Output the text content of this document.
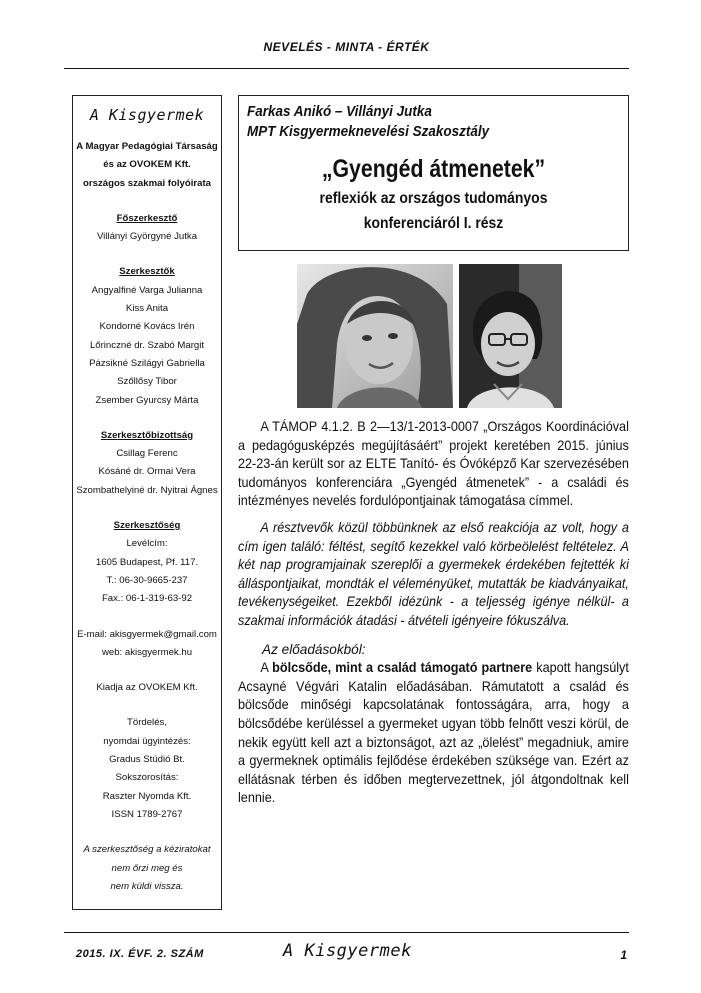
NEVELÉS - MINTA - ÉRTÉK
A Kisgyermek
A Magyar Pedagógiai Társaság
és az OVOKEM Kft.
országos szakmai folyóirata
Főszerkesztő
Villányi Györgyné Jutka
Szerkesztők
Angyalfiné Varga Julianna
Kiss Anita
Kondorné Kovács Irén
Lőrinczné dr. Szabó Margit
Pázsikné Szilágyi Gabriella
Szőllősy Tibor
Zsember Gyurcsy Márta
Szerkesztőbizottság
Csillag Ferenc
Kósáné dr. Ormai Vera
Szombathelyiné dr. Nyitrai Ágnes
Szerkesztőség
Levélcím:
1605 Budapest, Pf. 117.
T.: 06-30-9665-237
Fax.: 06-1-319-63-92
E-mail: akisgyermek@gmail.com
web: akisgyermek.hu
Kiadja az OVOKEM Kft.
Tördelés,
nyomdai ügyintézés:
Gradus Stúdió Bt.
Sokszorosítás:
Raszter Nyomda Kft.
ISSN 1789-2767
A szerkesztőség a kéziratokat
nem őrzi meg és
nem küldi vissza.
Farkas Anikó – Villányi Jutka
MPT Kisgyermeknevelési Szakosztály
„Gyengéd átmenetek”
reflexiók az országos tudományos
konferenciáról I. rész

A TÁMOP 4.1.2. B 2—13/1-2013-0007 „Országos Koordinációval a pedagógusképzés megújításáért” projekt keretében 2015. június 22-23-án került sor az ELTE Tanító- és Óvóképző Kar szervezésében tudományos konferenciára „Gyengéd átmenetek” - a családi és intézményes nevelés fordulópontjainak támogatása címmel.

A résztvevők közül többünknek az első reakciója az volt, hogy a cím igen találó: féltést, segítő kezekkel való körbeölelést feltételez. A két nap programjainak szereplői a gyermekek érdekében fejtették ki álláspontjaikat, mondták el véleményüket, mutatták be kiadványaikat, tevékenységeiket. Ezekből idézünk - a teljesség igénye nélkül- a szakmai információk átadási - átvételi igényeire fókuszálva.

Az előadásokból:

A bölcsőde, mint a család támogató partnere kapott hangsúlyt Acsayné Végvári Katalin előadásában. Rámutatott a család és bölcsőde minőségi kapcsolatának fontosságára, arra, hogy a bölcsődébe kerüléssel a gyermeket ugyan több felnőtt veszi körül, de nekik együtt kell azt a biztonságot, azt az „ölelést” megadniuk, amire a gyermeknek optimális fejlődése érdekében szüksége van. Ezért az ellátásnak térben és időben megtervezettnek, jól átgondoltnak kell lennie.

2015. IX. ÉVF. 2. SZÁM	A Kisgyermek	1
